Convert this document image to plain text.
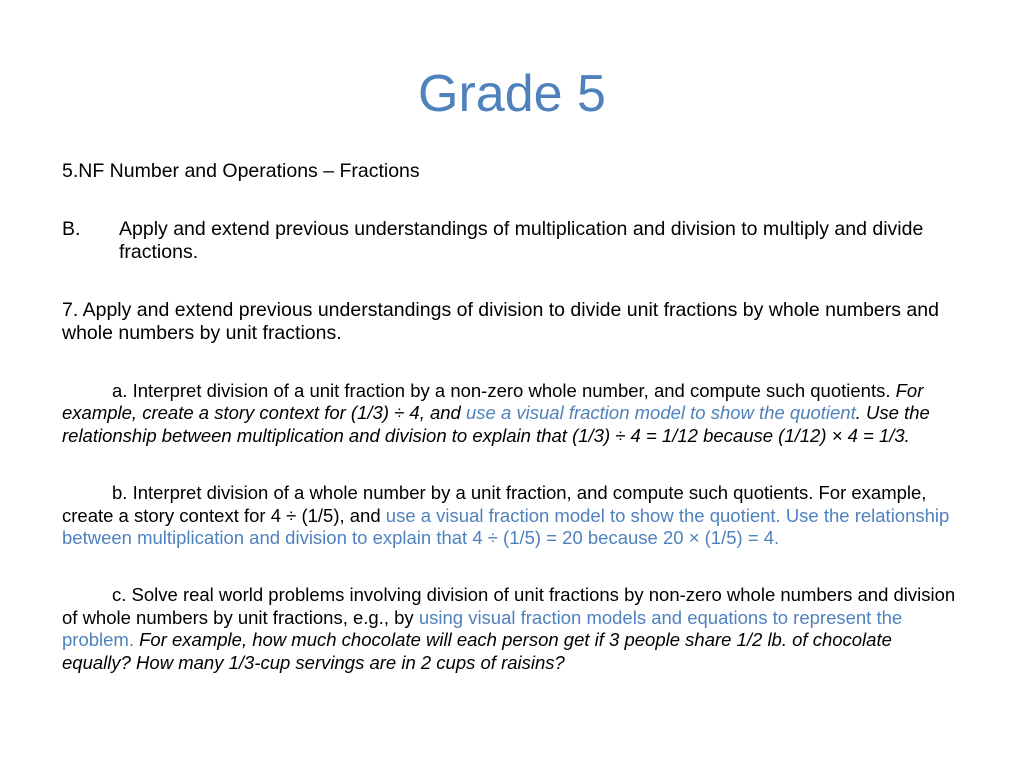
Grade 5

5.NF Number and Operations – Fractions

B.	Apply and extend previous understandings of multiplication and division to multiply and divide fractions.

7. Apply and extend previous understandings of division to divide unit fractions by whole numbers and whole numbers by unit fractions.

a. Interpret division of a unit fraction by a non-zero whole number, and compute such quotients. For example, create a story context for (1/3) ÷ 4, and use a visual fraction model to show the quotient. Use the relationship between multiplication and division to explain that (1/3) ÷ 4 = 1/12 because (1/12) × 4 = 1/3.

b. Interpret division of a whole number by a unit fraction, and compute such quotients. For example, create a story context for 4 ÷ (1/5), and use a visual fraction model to show the quotient. Use the relationship between multiplication and division to explain that 4 ÷ (1/5) = 20 because 20 × (1/5) = 4.

c. Solve real world problems involving division of unit fractions by non-zero whole numbers and division of whole numbers by unit fractions, e.g., by using visual fraction models and equations to represent the problem. For example, how much chocolate will each person get if 3 people share 1/2 lb. of chocolate equally? How many 1/3-cup servings are in 2 cups of raisins?
